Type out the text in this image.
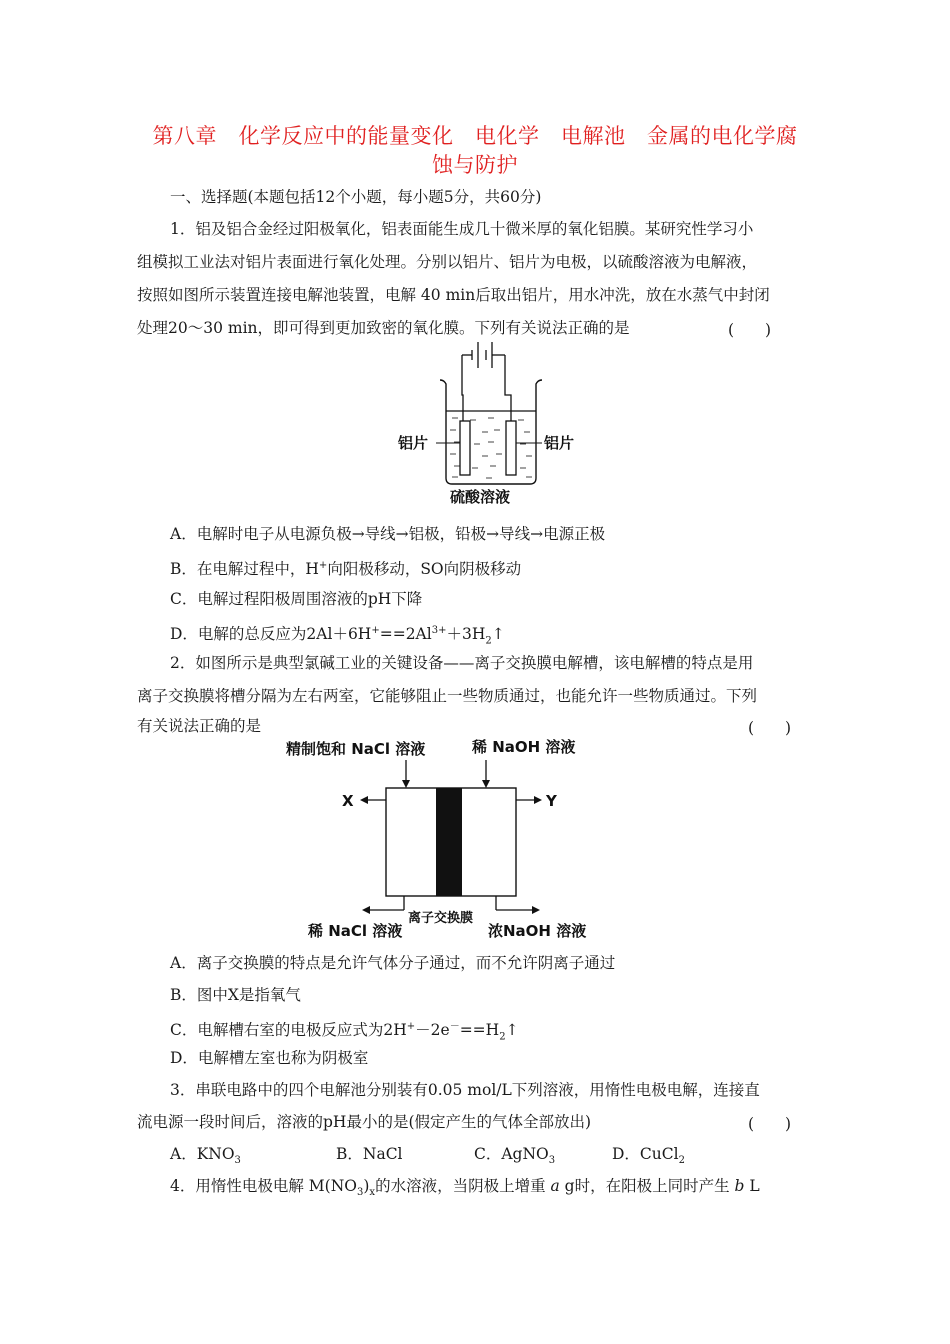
第八章　化学反应中的能量变化　电化学　电解池　金属的电化学腐
蚀与防护
一、选择题(本题包括12个小题，每小题5分，共60分)
1．铝及铝合金经过阳极氧化，铝表面能生成几十微米厚的氧化铝膜。某研究性学习小
组模拟工业法对铝片表面进行氧化处理。分别以铝片、铝片为电极，以硫酸溶液为电解液，
按照如图所示装置连接电解池装置，电解 40 min后取出铝片，用水冲洗，放在水蒸气中封闭
处理20～30 min，即可得到更加致密的氧化膜。下列有关说法正确的是	(　　)
铝片	铝片
硫酸溶液
A．电解时电子从电源负极→导线→铝极，铅极→导线→电源正极
B．在电解过程中，H+向阳极移动，SO向阴极移动
C．电解过程阳极周围溶液的pH下降
D．电解的总反应为$2Al+6H^+==2Al^{3+}+3H_2↑$
2．如图所示是典型氯碱工业的关键设备——离子交换膜电解槽，该电解槽的特点是用
离子交换膜将槽分隔为左右两室，它能够阻止一些物质通过，也能允许一些物质通过。下列
有关说法正确的是	(　　)
精制饱和 NaCl 溶液	稀 NaOH 溶液
X	Y
稀 NaCl 溶液
离子交换膜
浓NaOH 溶液
A．离子交换膜的特点是允许气体分子通过，而不允许阴离子通过
B．图中X是指氧气
C．电解槽右室的电极反应式为$2H^+-2e^-==H_2↑$
D．电解槽左室也称为阴极室
3．串联电路中的四个电解池分别装有0.05 mol/L下列溶液，用惰性电极电解，连接直
流电源一段时间后，溶液的pH最小的是(假定产生的气体全部放出)	(　　)
A．$KNO_3$	B．NaCl	C．AgNO$_3$	D．CuCl$_2$
4．用惰性电极电解 $M(NO_3)_x$的水溶液，当阴极上增重 a g时，在阳极上同时产生 b L
